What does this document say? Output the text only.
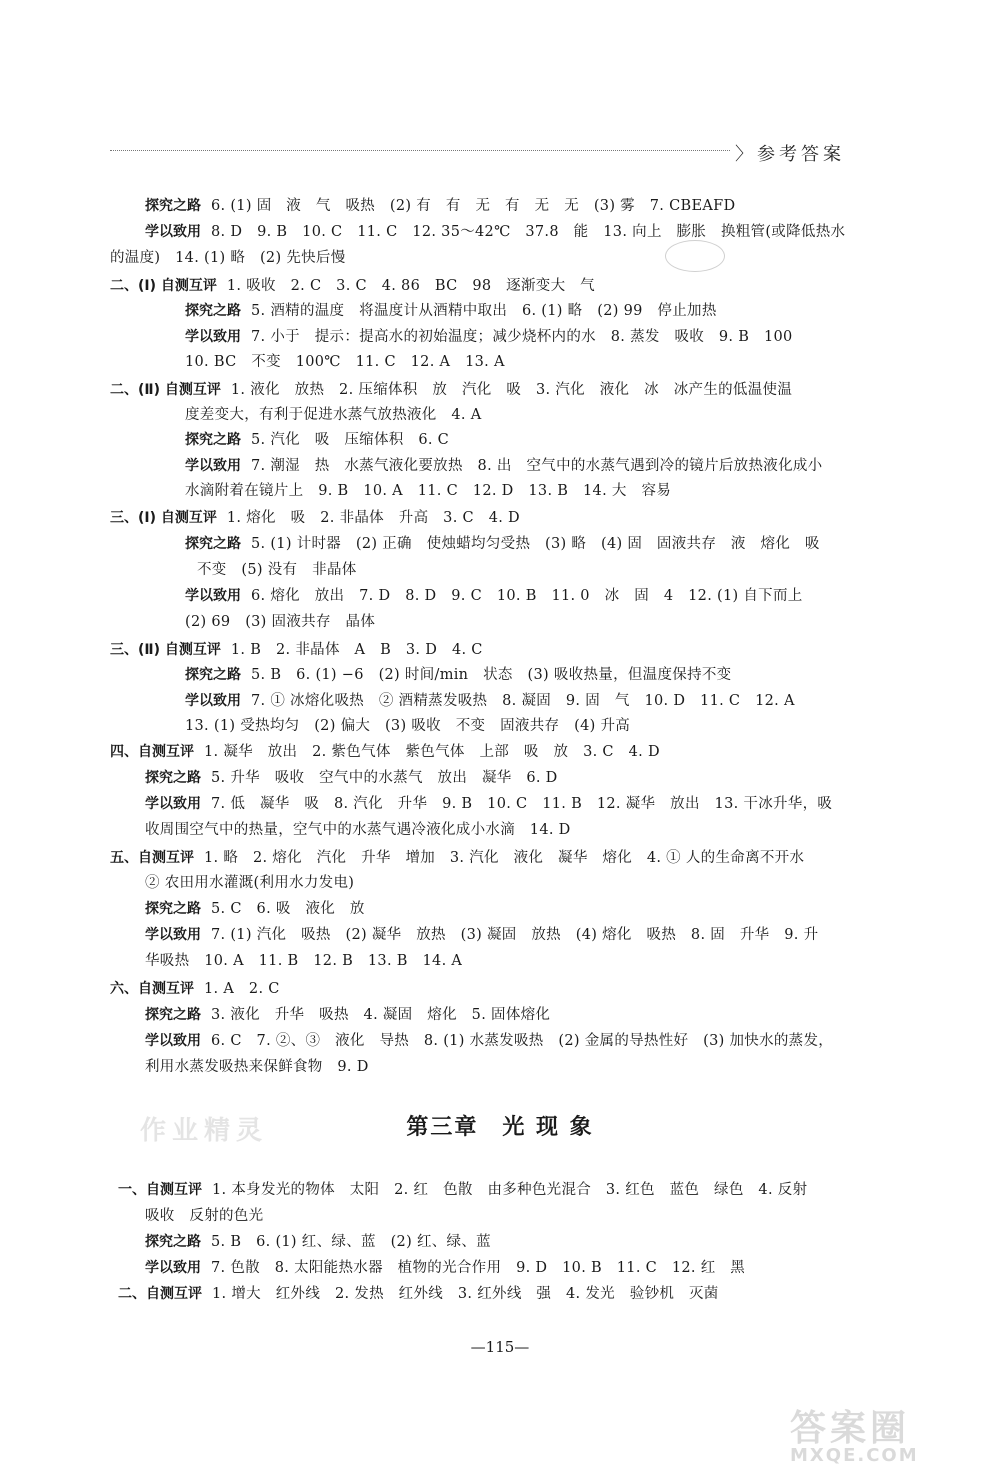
〉参考答案
作业精灵
探究之路 6. (1) 固　液　气　吸热　(2) 有　有　无　有　无　无　(3) 雾　7. CBEAFD
学以致用 8. D　9. B　10. C　11. C　12. 35～42℃　37.8　能　13. 向上　膨胀　换粗管(或降低热水
的温度)　14. (1) 略　(2) 先快后慢
二、(Ⅰ) 自测互评 1. 吸收　2. C　3. C　4. 86　BC　98　逐渐变大　气
探究之路 5. 酒精的温度　将温度计从酒精中取出　6. (1) 略　(2) 99　停止加热
学以致用 7. 小于　提示：提高水的初始温度；减少烧杯内的水　8. 蒸发　吸收　9. B　100
10. BC　不变　100℃　11. C　12. A　13. A
二、(Ⅱ) 自测互评 1. 液化　放热　2. 压缩体积　放　汽化　吸　3. 汽化　液化　冰　冰产生的低温使温
度差变大，有利于促进水蒸气放热液化　4. A
探究之路 5. 汽化　吸　压缩体积　6. C
学以致用 7. 潮湿　热　水蒸气液化要放热　8. 出　空气中的水蒸气遇到冷的镜片后放热液化成小
水滴附着在镜片上　9. B　10. A　11. C　12. D　13. B　14. 大　容易
三、(Ⅰ) 自测互评 1. 熔化　吸　2. 非晶体　升高　3. C　4. D
探究之路 5. (1) 计时器　(2) 正确　使烛蜡均匀受热　(3) 略　(4) 固　固液共存　液　熔化　吸
不变　(5) 没有　非晶体
学以致用 6. 熔化　放出　7. D　8. D　9. C　10. B　11. 0　冰　固　4　12. (1) 自下而上
(2) 69　(3) 固液共存　晶体
三、(Ⅱ) 自测互评 1. B　2. 非晶体　A　B　3. D　4. C
探究之路 5. B　6. (1) −6　(2) 时间/min　状态　(3) 吸收热量，但温度保持不变
学以致用 7. ① 冰熔化吸热　② 酒精蒸发吸热　8. 凝固　9. 固　气　10. D　11. C　12. A
13. (1) 受热均匀　(2) 偏大　(3) 吸收　不变　固液共存　(4) 升高
四、自测互评 1. 凝华　放出　2. 紫色气体　紫色气体　上部　吸　放　3. C　4. D
探究之路 5. 升华　吸收　空气中的水蒸气　放出　凝华　6. D
学以致用 7. 低　凝华　吸　8. 汽化　升华　9. B　10. C　11. B　12. 凝华　放出　13. 干冰升华，吸
收周围空气中的热量，空气中的水蒸气遇冷液化成小水滴　14. D
五、自测互评 1. 略　2. 熔化　汽化　升华　增加　3. 汽化　液化　凝华　熔化　4. ① 人的生命离不开水
② 农田用水灌溉(利用水力发电)
探究之路 5. C　6. 吸　液化　放
学以致用 7. (1) 汽化　吸热　(2) 凝华　放热　(3) 凝固　放热　(4) 熔化　吸热　8. 固　升华　9. 升
华吸热　10. A　11. B　12. B　13. B　14. A
六、自测互评 1. A　2. C
探究之路 3. 液化　升华　吸热　4. 凝固　熔化　5. 固体熔化
学以致用 6. C　7. ②、③　液化　导热　8. (1) 水蒸发吸热　(2) 金属的导热性好　(3) 加快水的蒸发，
利用水蒸发吸热来保鲜食物　9. D
一、自测互评 1. 本身发光的物体　太阳　2. 红　色散　由多种色光混合　3. 红色　蓝色　绿色　4. 反射
吸收　反射的色光
探究之路 5. B　6. (1) 红、绿、蓝　(2) 红、绿、蓝
学以致用 7. 色散　8. 太阳能热水器　植物的光合作用　9. D　10. B　11. C　12. 红　黑
二、自测互评 1. 增大　红外线　2. 发热　红外线　3. 红外线　强　4. 发光　验钞机　灭菌
第三章　光 现 象
—115—
答案圈
MXQE.COM
